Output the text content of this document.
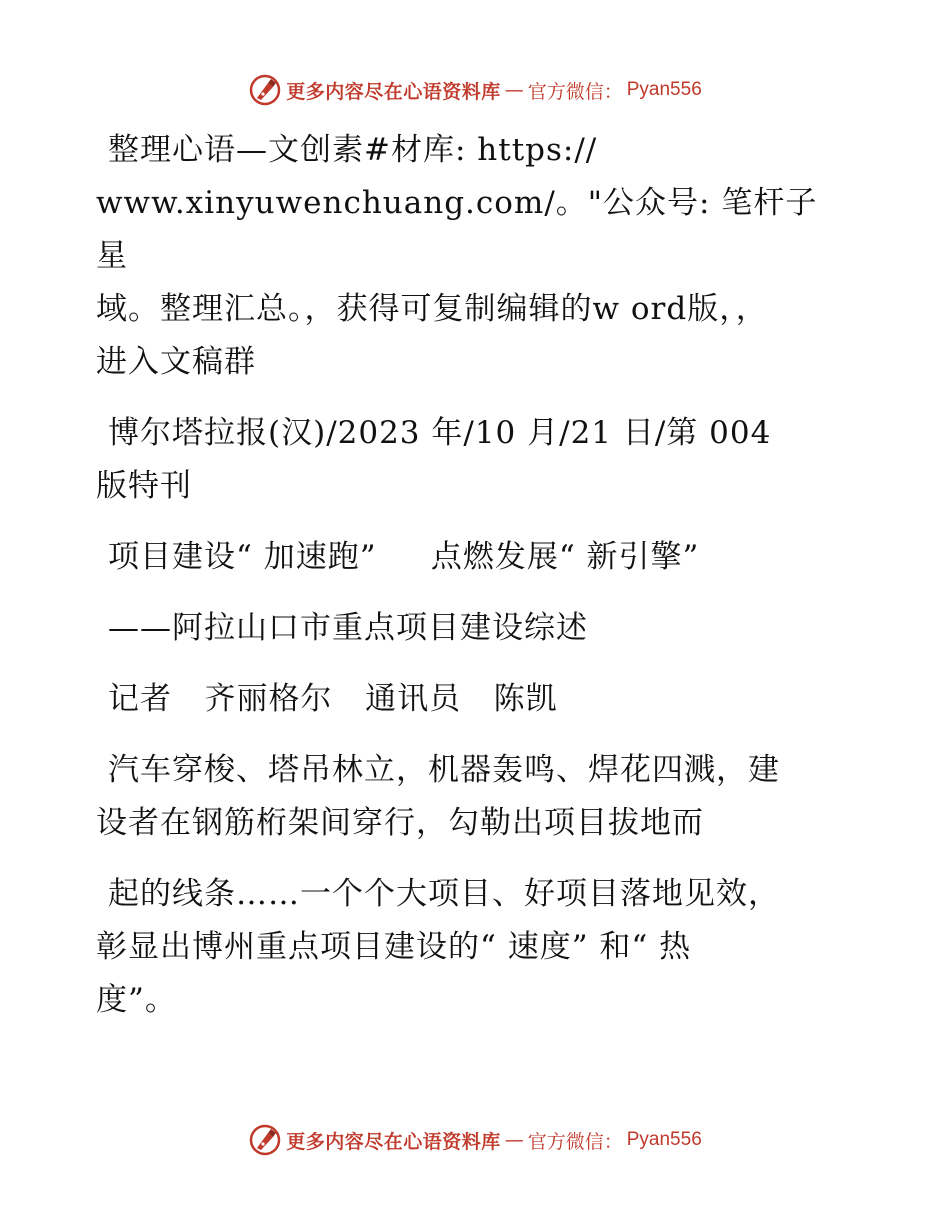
更多内容尽在心语资料库 — 官方微信： Pyan556

整理心语—文创素#材库: https://
www.xinyuwenchuang.com/。"公众号: 笔杆子星
域。整理汇总。，获得可复制编辑的w ord版，，
进入文稿群

博尔塔拉报(汉)/2023 年/10 月/21 日/第 004
版特刊

项目建设“ 加速跑”     点燃发展“ 新引擎”

——阿拉山口市重点项目建设综述

记者   齐丽格尔   通讯员   陈凯

汽车穿梭、塔吊林立，机器轰鸣、焊花四溅，建
设者在钢筋桁架间穿行，勾勒出项目拔地而

起的线条……一个个大项目、好项目落地见效，
彰显出博州重点项目建设的“ 速度” 和“ 热
度”。

更多内容尽在心语资料库 — 官方微信： Pyan556
